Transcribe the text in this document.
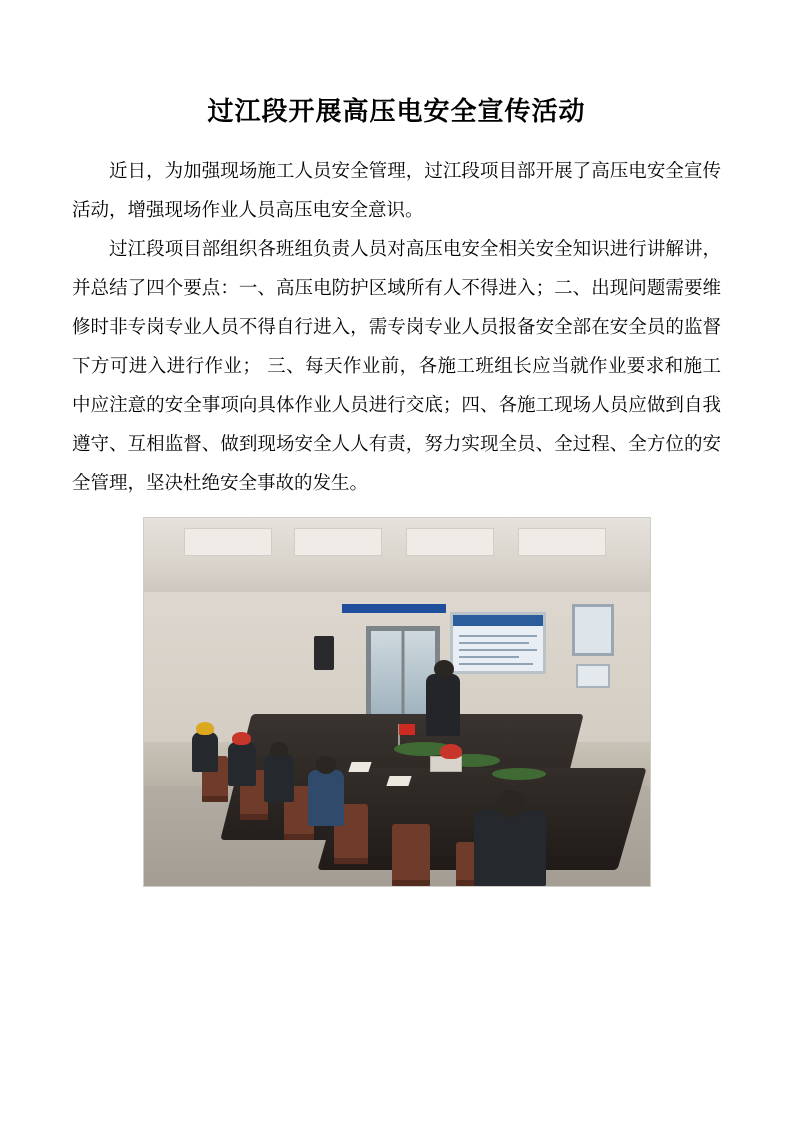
过江段开展高压电安全宣传活动

近日，为加强现场施工人员安全管理，过江段项目部开展了高压电安全宣传活动，增强现场作业人员高压电安全意识。

过江段项目部组织各班组负责人员对高压电安全相关安全知识进行讲解讲，并总结了四个要点：一、高压电防护区域所有人不得进入；二、出现问题需要维修时非专岗专业人员不得自行进入，需专岗专业人员报备安全部在安全员的监督下方可进入进行作业； 三、每天作业前，各施工班组长应当就作业要求和施工中应注意的安全事项向具体作业人员进行交底；四、各施工现场人员应做到自我遵守、互相监督、做到现场安全人人有责，努力实现全员、全过程、全方位的安全管理，坚决杜绝安全事故的发生。
